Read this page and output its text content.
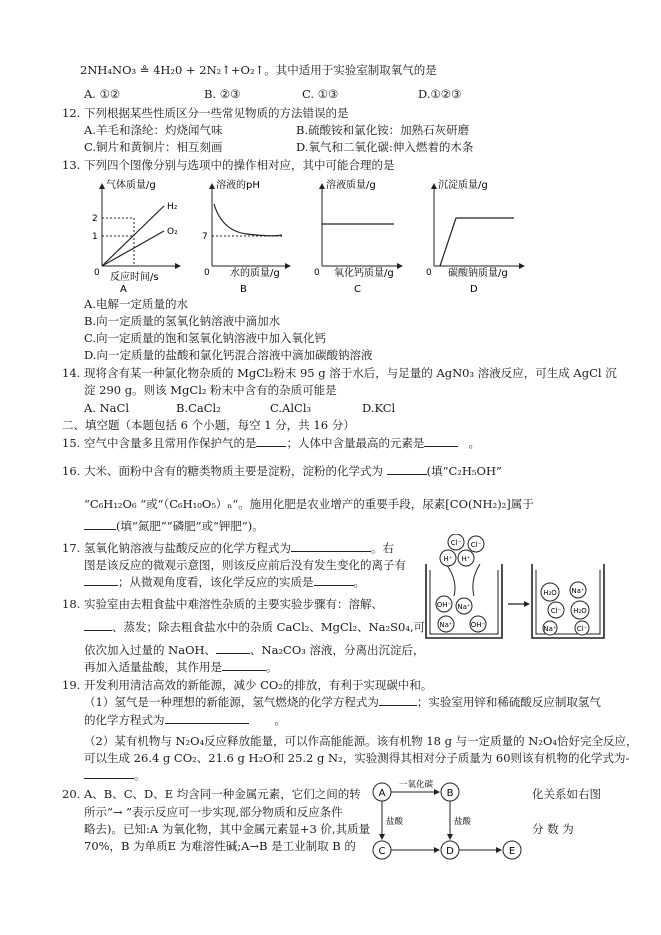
2NH₄NO₃ ≗ 4H₂0 + 2N₂↑+O₂↑。其中适用于实验室制取氧气的是
A. ①②	B. ②③	C. ①③	D.①②③
12. 下列根据某些性质区分一些常见物质的方法错误的是
A.羊毛和涤纶：灼烧闻气味	B.硫酸铵和氯化铵：加熟石灰研磨
C.铜片和黄铜片：相互刻画	D.氧气和二氧化碳:伸入燃着的木条
13. 下列四个图像分别与选项中的操作相对应，其中可能合理的是
气体质量/g
2
1
H₂
O₂
0 反应时间/s
A
溶液的pH
7
0 水的质量/g
B
溶液质量/g
0 氧化钙质量/g
C
沉淀质量/g
0 碳酸钠质量/g
D
A.电解一定质量的水
B.向一定质量的氢氧化钠溶液中滴加水
C.向一定质量的饱和氢氧化钠溶液中加入氧化钙
D.向一定质量的盐酸和氯化钙混合溶液中滴加碳酸钠溶液
14. 现将含有某一种氯化物杂质的 MgCl₂粉末 95 g 溶于水后，与足量的 AgN0₃ 溶液反应，可生成 AgCl 沉
淀 290 g。则该 MgCl₂ 粉末中含有的杂质可能是
A. NaCl	B.CaCl₂	C.AlCl₃	D.KCl
二、填空题（本题包括 6 个小题，每空 1 分，共 16 分）
15. 空气中含量多且常用作保护气的是	；人体中含量最高的元素是	。
16. 大米、面粉中含有的糖类物质主要是淀粉，淀粉的化学式为	(填“C₂H₅OH”
“C₆H₁₂O₆ “或“（C₆H₁₀O₅）ₙ“。施用化肥是农业增产的重要手段，尿素[CO(NH₂)₂]属于
(填“氮肥”“磷肥”或“钾肥”)。
17. 氢氧化钠溶液与盐酸反应的化学方程式为	。右
图是该反应的微观示意图，则该反应前后没有发生变化的离子有
；从微观角度看，该化学反应的实质是	。
Cl⁻
H⁺ H⁺
Cl⁻
OH⁻ Na⁺
Na⁺	OH⁻
H₂O Na⁺
Cl⁻ H₂O
Na⁺	Cl⁻
18. 实验室由去粗食盐中难溶性杂质的主要实验步骤有：溶解、
、蒸发；除去粗食盐水中的杂质 CaCl₂、MgCl₂、Na₂S0₄,可
依次加入过量的 NaOH、	、Na₂CO₃ 溶液，分离出沉淀后，
再加入适量盐酸，其作用是	。
19. 开发利用清洁高效的新能源，减少 CO₂的排放，有利于实现碳中和。
（1）氢气是一种理想的新能源，氢气燃烧的化学方程式为	；实验室用锌和稀硫酸反应制取氢气
的化学方程式为	。
（2）某有机物与 N₂O₄反应释放能量，可以作高能能源。该有机物 18 g 与一定质量的 N₂O₄恰好完全反应，
可以生成 26.4 g CO₂、21.6 g H₂O和 25.2 g N₂，实验测得其相对分子质量为 60则该有机物的化学式为-
。
20. A、B、C、D、E 均含同一种金属元素，它们之间的转	化关系如右图
所示“→ ”表示反应可一步实现,部分物质和反应条件
略去)。已知:A 为氧化物，其中金属元素显+3 价,其质量	分 数 为
70%，B 为单质E 为难溶性碱;A→B 是工业制取 B 的
A	B
C	D	E
一氧化碳
盐酸	盐酸
